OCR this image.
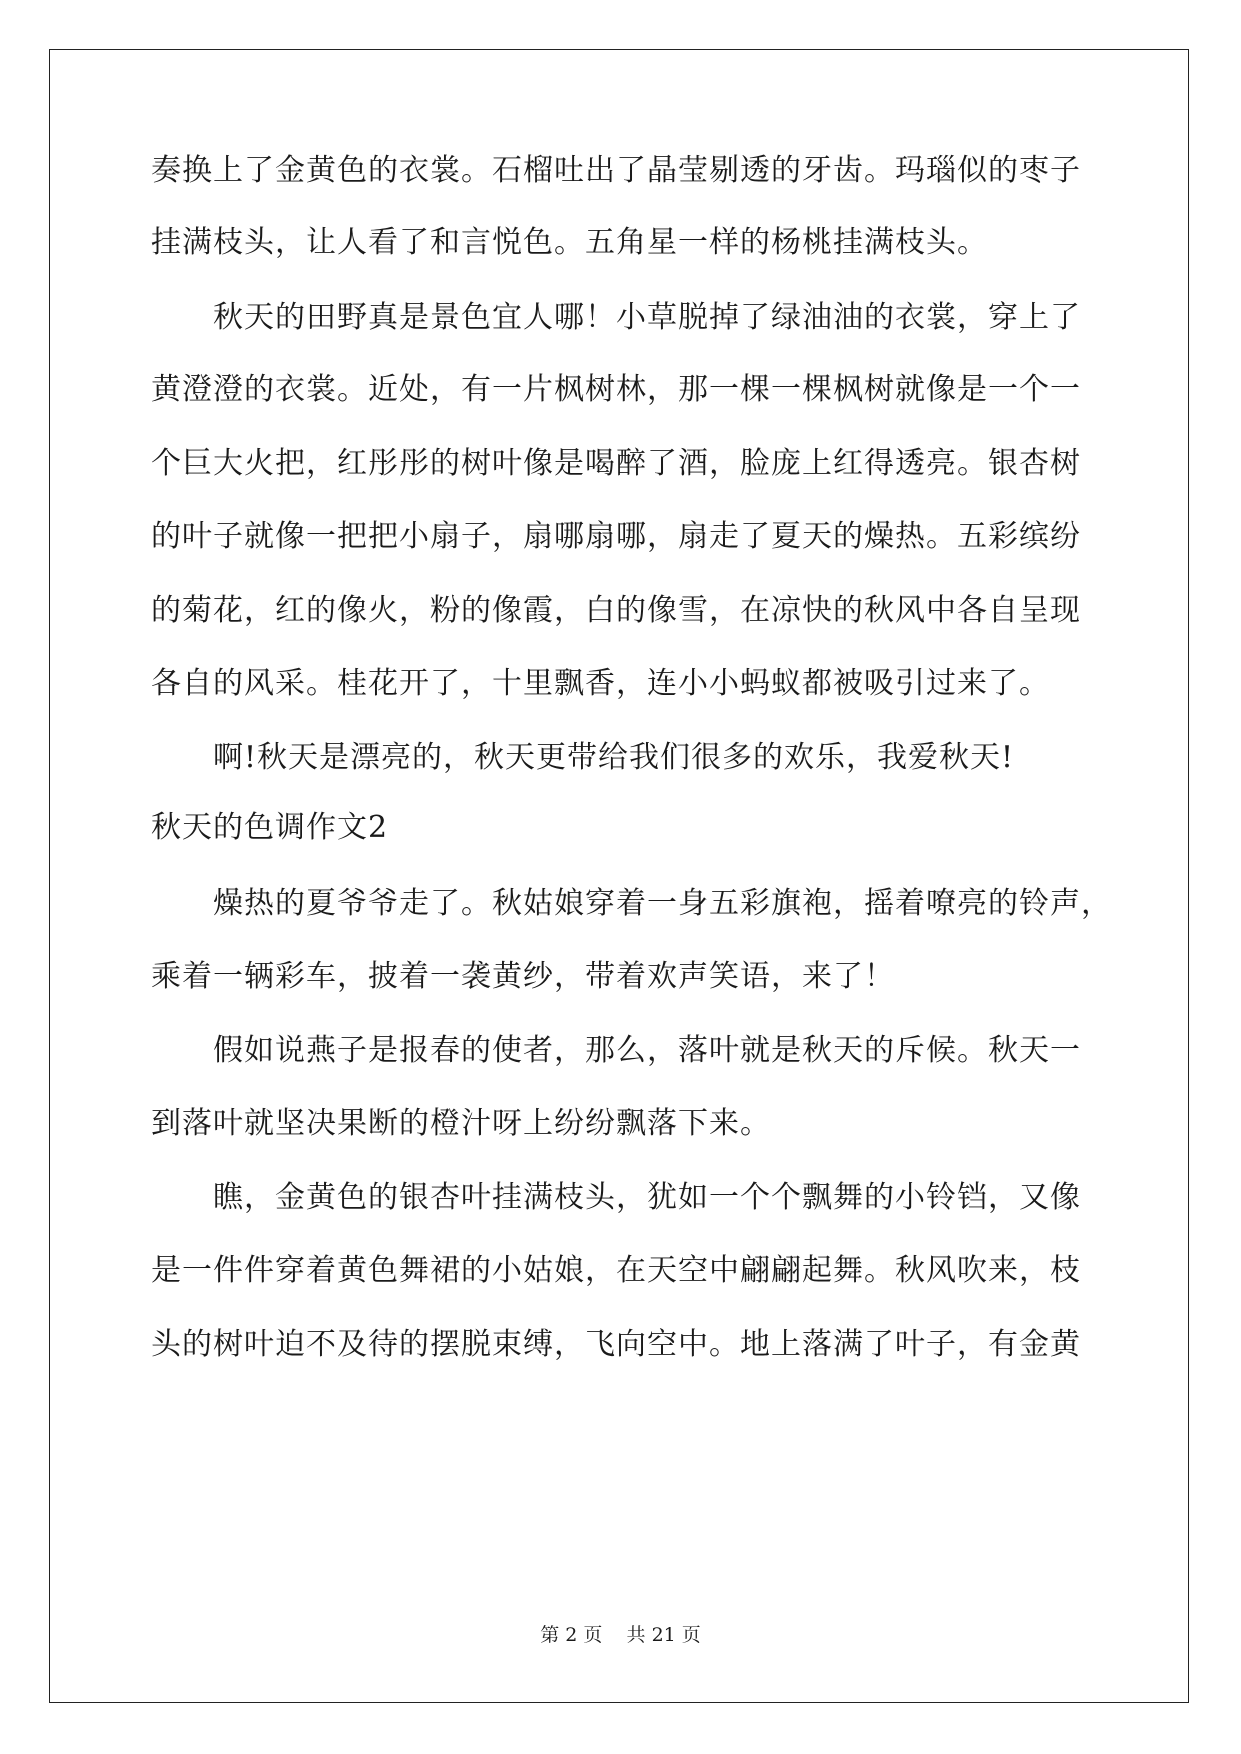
奏换上了金黄色的衣裳。石榴吐出了晶莹剔透的牙齿。玛瑙似的枣子
挂满枝头，让人看了和言悦色。五角星一样的杨桃挂满枝头。
秋天的田野真是景色宜人哪！小草脱掉了绿油油的衣裳，穿上了
黄澄澄的衣裳。近处，有一片枫树林，那一棵一棵枫树就像是一个一
个巨大火把，红彤彤的树叶像是喝醉了酒，脸庞上红得透亮。银杏树
的叶子就像一把把小扇子，扇哪扇哪，扇走了夏天的燥热。五彩缤纷
的菊花，红的像火，粉的像霞，白的像雪，在凉快的秋风中各自呈现
各自的风采。桂花开了，十里飘香，连小小蚂蚁都被吸引过来了。
啊!秋天是漂亮的，秋天更带给我们很多的欢乐，我爱秋天!
秋天的色调作文2
燥热的夏爷爷走了。秋姑娘穿着一身五彩旗袍，摇着嘹亮的铃声，
乘着一辆彩车，披着一袭黄纱，带着欢声笑语，来了！
假如说燕子是报春的使者，那么，落叶就是秋天的斥候。秋天一
到落叶就坚决果断的橙汁呀上纷纷飘落下来。
瞧，金黄色的银杏叶挂满枝头，犹如一个个飘舞的小铃铛，又像
是一件件穿着黄色舞裙的小姑娘，在天空中翩翩起舞。秋风吹来，枝
头的树叶迫不及待的摆脱束缚，飞向空中。地上落满了叶子，有金黄
第 2 页    共 21 页
